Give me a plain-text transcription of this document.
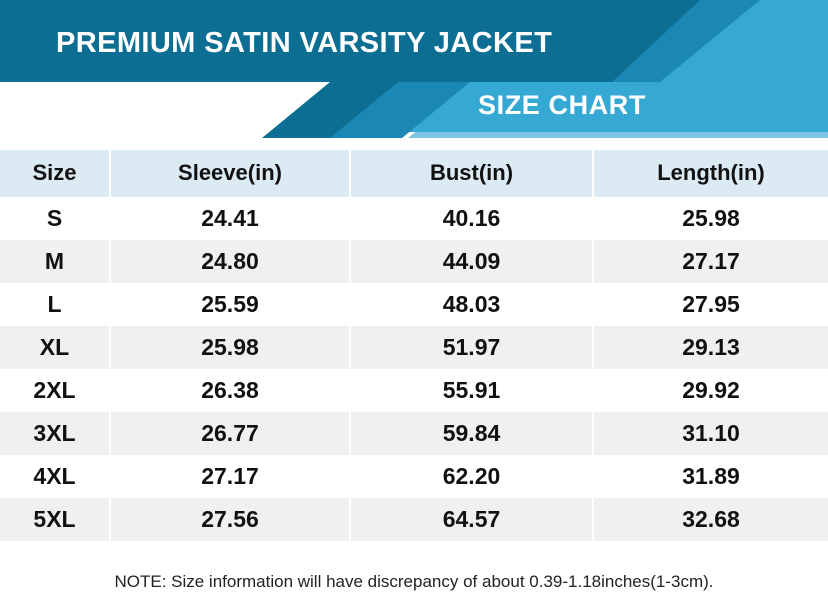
PREMIUM SATIN VARSITY JACKET
SIZE CHART
Size	Sleeve(in)	Bust(in)	Length(in)
S	24.41	40.16	25.98
M	24.80	44.09	27.17
L	25.59	48.03	27.95
XL	25.98	51.97	29.13
2XL	26.38	55.91	29.92
3XL	26.77	59.84	31.10
4XL	27.17	62.20	31.89
5XL	27.56	64.57	32.68
NOTE: Size information will have discrepancy of about 0.39-1.18inches(1-3cm).
